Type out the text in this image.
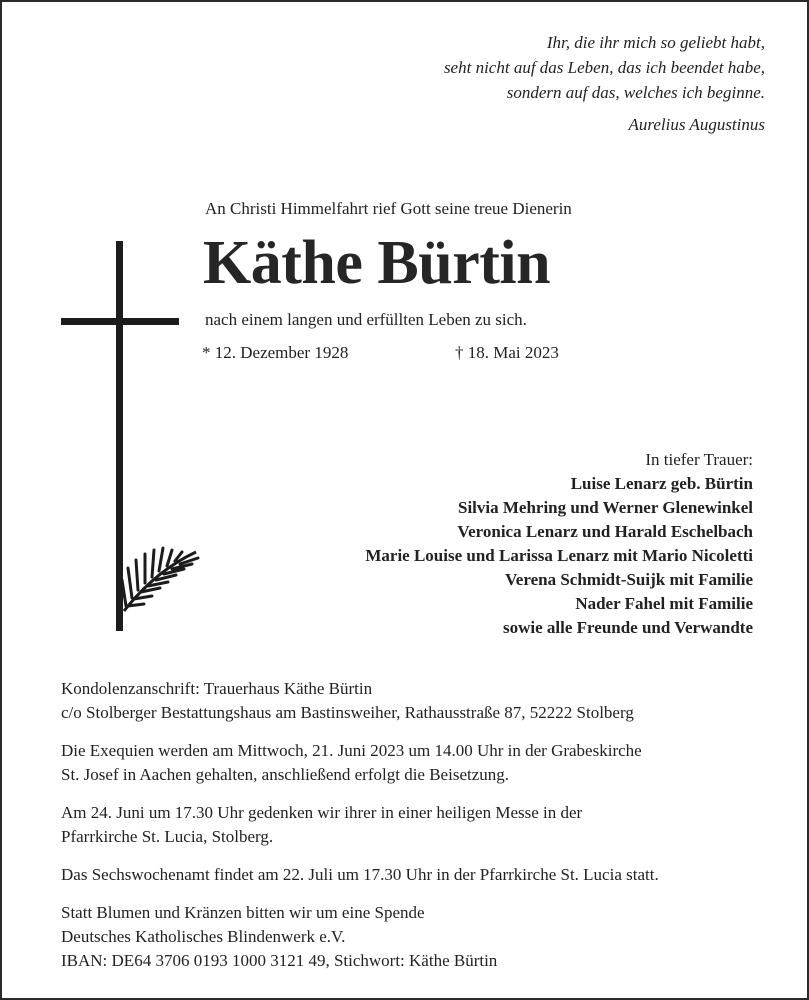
Ihr, die ihr mich so geliebt habt,
seht nicht auf das Leben, das ich beendet habe,
sondern auf das, welches ich beginne.
Aurelius Augustinus
An Christi Himmelfahrt rief Gott seine treue Dienerin
Käthe Bürtin
nach einem langen und erfüllten Leben zu sich.
* 12. Dezember 1928	† 18. Mai 2023
In tiefer Trauer:
Luise Lenarz geb. Bürtin
Silvia Mehring und Werner Glenewinkel
Veronica Lenarz und Harald Eschelbach
Marie Louise und Larissa Lenarz mit Mario Nicoletti
Verena Schmidt-Suijk mit Familie
Nader Fahel mit Familie
sowie alle Freunde und Verwandte

Kondolenzanschrift: Trauerhaus Käthe Bürtin
c/o Stolberger Bestattungshaus am Bastinsweiher, Rathausstraße 87, 52222 Stolberg

Die Exequien werden am Mittwoch, 21. Juni 2023 um 14.00 Uhr in der Grabeskirche
St. Josef in Aachen gehalten, anschließend erfolgt die Beisetzung.

Am 24. Juni um 17.30 Uhr gedenken wir ihrer in einer heiligen Messe in der
Pfarrkirche St. Lucia, Stolberg.

Das Sechswochenamt findet am 22. Juli um 17.30 Uhr in der Pfarrkirche St. Lucia statt.

Statt Blumen und Kränzen bitten wir um eine Spende
Deutsches Katholisches Blindenwerk e.V.
IBAN: DE64 3706 0193 1000 3121 49, Stichwort: Käthe Bürtin
